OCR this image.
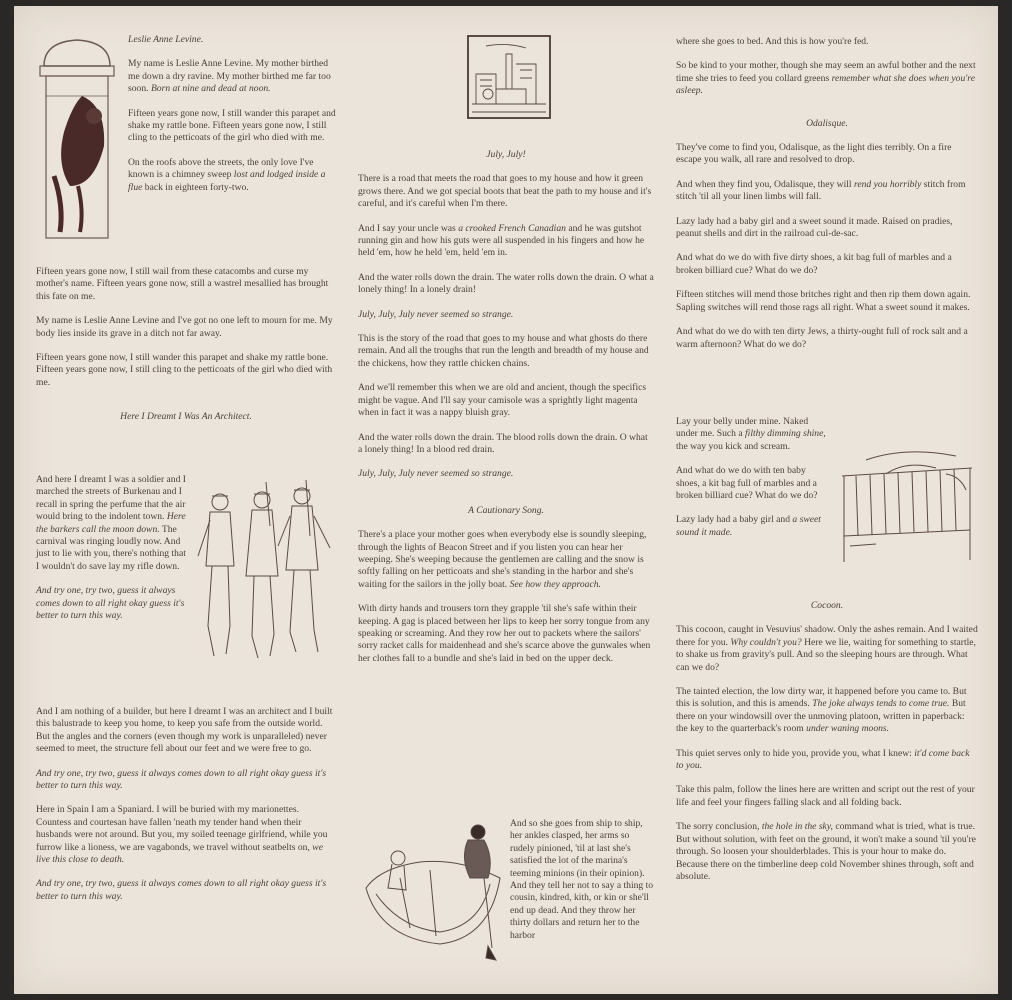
Leslie Anne Levine.

My name is Leslie Anne Levine. My mother birthed me down a dry ravine. My mother birthed me far too soon. Born at nine and dead at noon.

Fifteen years gone now, I still wander this parapet and shake my rattle bone. Fifteen years gone now, I still cling to the petticoats of the girl who died with me.

On the roofs above the streets, the only love I've known is a chimney sweep lost and lodged inside a flue back in eighteen forty-two.

Fifteen years gone now, I still wail from these catacombs and curse my mother's name. Fifteen years gone now, still a wastrel mesallied has brought this fate on me.

My name is Leslie Anne Levine and I've got no one left to mourn for me. My body lies inside its grave in a ditch not far away.

Fifteen years gone now, I still wander this parapet and shake my rattle bone. Fifteen years gone now, I still cling to the petticoats of the girl who died with me.

Here I Dreamt I Was An Architect.

And here I dreamt I was a soldier and I marched the streets of Burkenau and I recall in spring the perfume that the air would bring to the indolent town. Here the barkers call the moon down. The carnival was ringing loudly now. And just to lie with you, there's nothing that I wouldn't do save lay my rifle down.

And try one, try two, guess it always comes down to all right okay guess it's better to turn this way.

And I am nothing of a builder, but here I dreamt I was an architect and I built this balustrade to keep you home, to keep you safe from the outside world. But the angles and the corners (even though my work is unparalleled) never seemed to meet, the structure fell about our feet and we were free to go.

And try one, try two, guess it always comes down to all right okay guess it's better to turn this way.

Here in Spain I am a Spaniard. I will be buried with my marionettes. Countess and courtesan have fallen 'neath my tender hand when their husbands were not around. But you, my soiled teenage girlfriend, while you furrow like a lioness, we are vagabonds, we travel without seatbelts on, we live this close to death.

And try one, try two, guess it always comes down to all right okay guess it's better to turn this way.

July, July!

There is a road that meets the road that goes to my house and how it green grows there. And we got special boots that beat the path to my house and it's careful, and it's careful when I'm there.

And I say your uncle was a crooked French Canadian and he was gutshot running gin and how his guts were all suspended in his fingers and how he held 'em, how he held 'em, held 'em in.

And the water rolls down the drain. The water rolls down the drain. O what a lonely thing! In a lonely drain!

July, July, July never seemed so strange.

This is the story of the road that goes to my house and what ghosts do there remain. And all the troughs that run the length and breadth of my house and the chickens, how they rattle chicken chains.

And we'll remember this when we are old and ancient, though the specifics might be vague. And I'll say your camisole was a sprightly light magenta when in fact it was a nappy bluish gray.

And the water rolls down the drain. The blood rolls down the drain. O what a lonely thing! In a blood red drain.

July, July, July never seemed so strange.

A Cautionary Song.

There's a place your mother goes when everybody else is soundly sleeping, through the lights of Beacon Street and if you listen you can hear her weeping. She's weeping because the gentlemen are calling and the snow is softly falling on her petticoats and she's standing in the harbor and she's waiting for the sailors in the jolly boat. See how they approach.

With dirty hands and trousers torn they grapple 'til she's safe within their keeping. A gag is placed between her lips to keep her sorry tongue from any speaking or screaming. And they row her out to packets where the sailors' sorry racket calls for maidenhead and she's scarce above the gunwales when her clothes fall to a bundle and she's laid in bed on the upper deck.

And so she goes from ship to ship, her ankles clasped, her arms so rudely pinioned, 'til at last she's satisfied the lot of the marina's teeming minions (in their opinion). And they tell her not to say a thing to cousin, kindred, kith, or kin or she'll end up dead. And they throw her thirty dollars and return her to the harbor

where she goes to bed. And this is how you're fed.

So be kind to your mother, though she may seem an awful bother and the next time she tries to feed you collard greens remember what she does when you're asleep.

Odalisque.

They've come to find you, Odalisque, as the light dies terribly. On a fire escape you walk, all rare and resolved to drop.

And when they find you, Odalisque, they will rend you horribly stitch from stitch 'til all your linen limbs will fall.

Lazy lady had a baby girl and a sweet sound it made. Raised on pradies, peanut shells and dirt in the railroad cul-de-sac.

And what do we do with five dirty shoes, a kit bag full of marbles and a broken billiard cue? What do we do?

Fifteen stitches will mend those britches right and then rip them down again. Sapling switches will rend those rags all right. What a sweet sound it makes.

And what do we do with ten dirty Jews, a thirty-ought full of rock salt and a warm afternoon? What do we do?

Lay your belly under mine. Naked under me. Such a filthy dimming shine, the way you kick and scream.

And what do we do with ten baby shoes, a kit bag full of marbles and a broken billiard cue? What do we do?

Lazy lady had a baby girl and a sweet sound it made.

Cocoon.

This cocoon, caught in Vesuvius' shadow. Only the ashes remain. And I waited there for you. Why couldn't you? Here we lie, waiting for something to startle, to shake us from gravity's pull. And so the sleeping hours are through. What can we do?

The tainted election, the low dirty war, it happened before you came to. But this is solution, and this is amends. The joke always tends to come true. But there on your windowsill over the unmoving platoon, written in paperback: the key to the quarterback's room under waning moons.

This quiet serves only to hide you, provide you, what I knew: it'd come back to you.

Take this palm, follow the lines here are written and script out the rest of your life and feel your fingers falling slack and all folding back.

The sorry conclusion, the hole in the sky, command what is tried, what is true. But without solution, with feet on the ground, it won't make a sound 'til you're through. So loosen your shoulderblades. This is your hour to make do. Because there on the timberline deep cold November shines through, soft and absolute.
